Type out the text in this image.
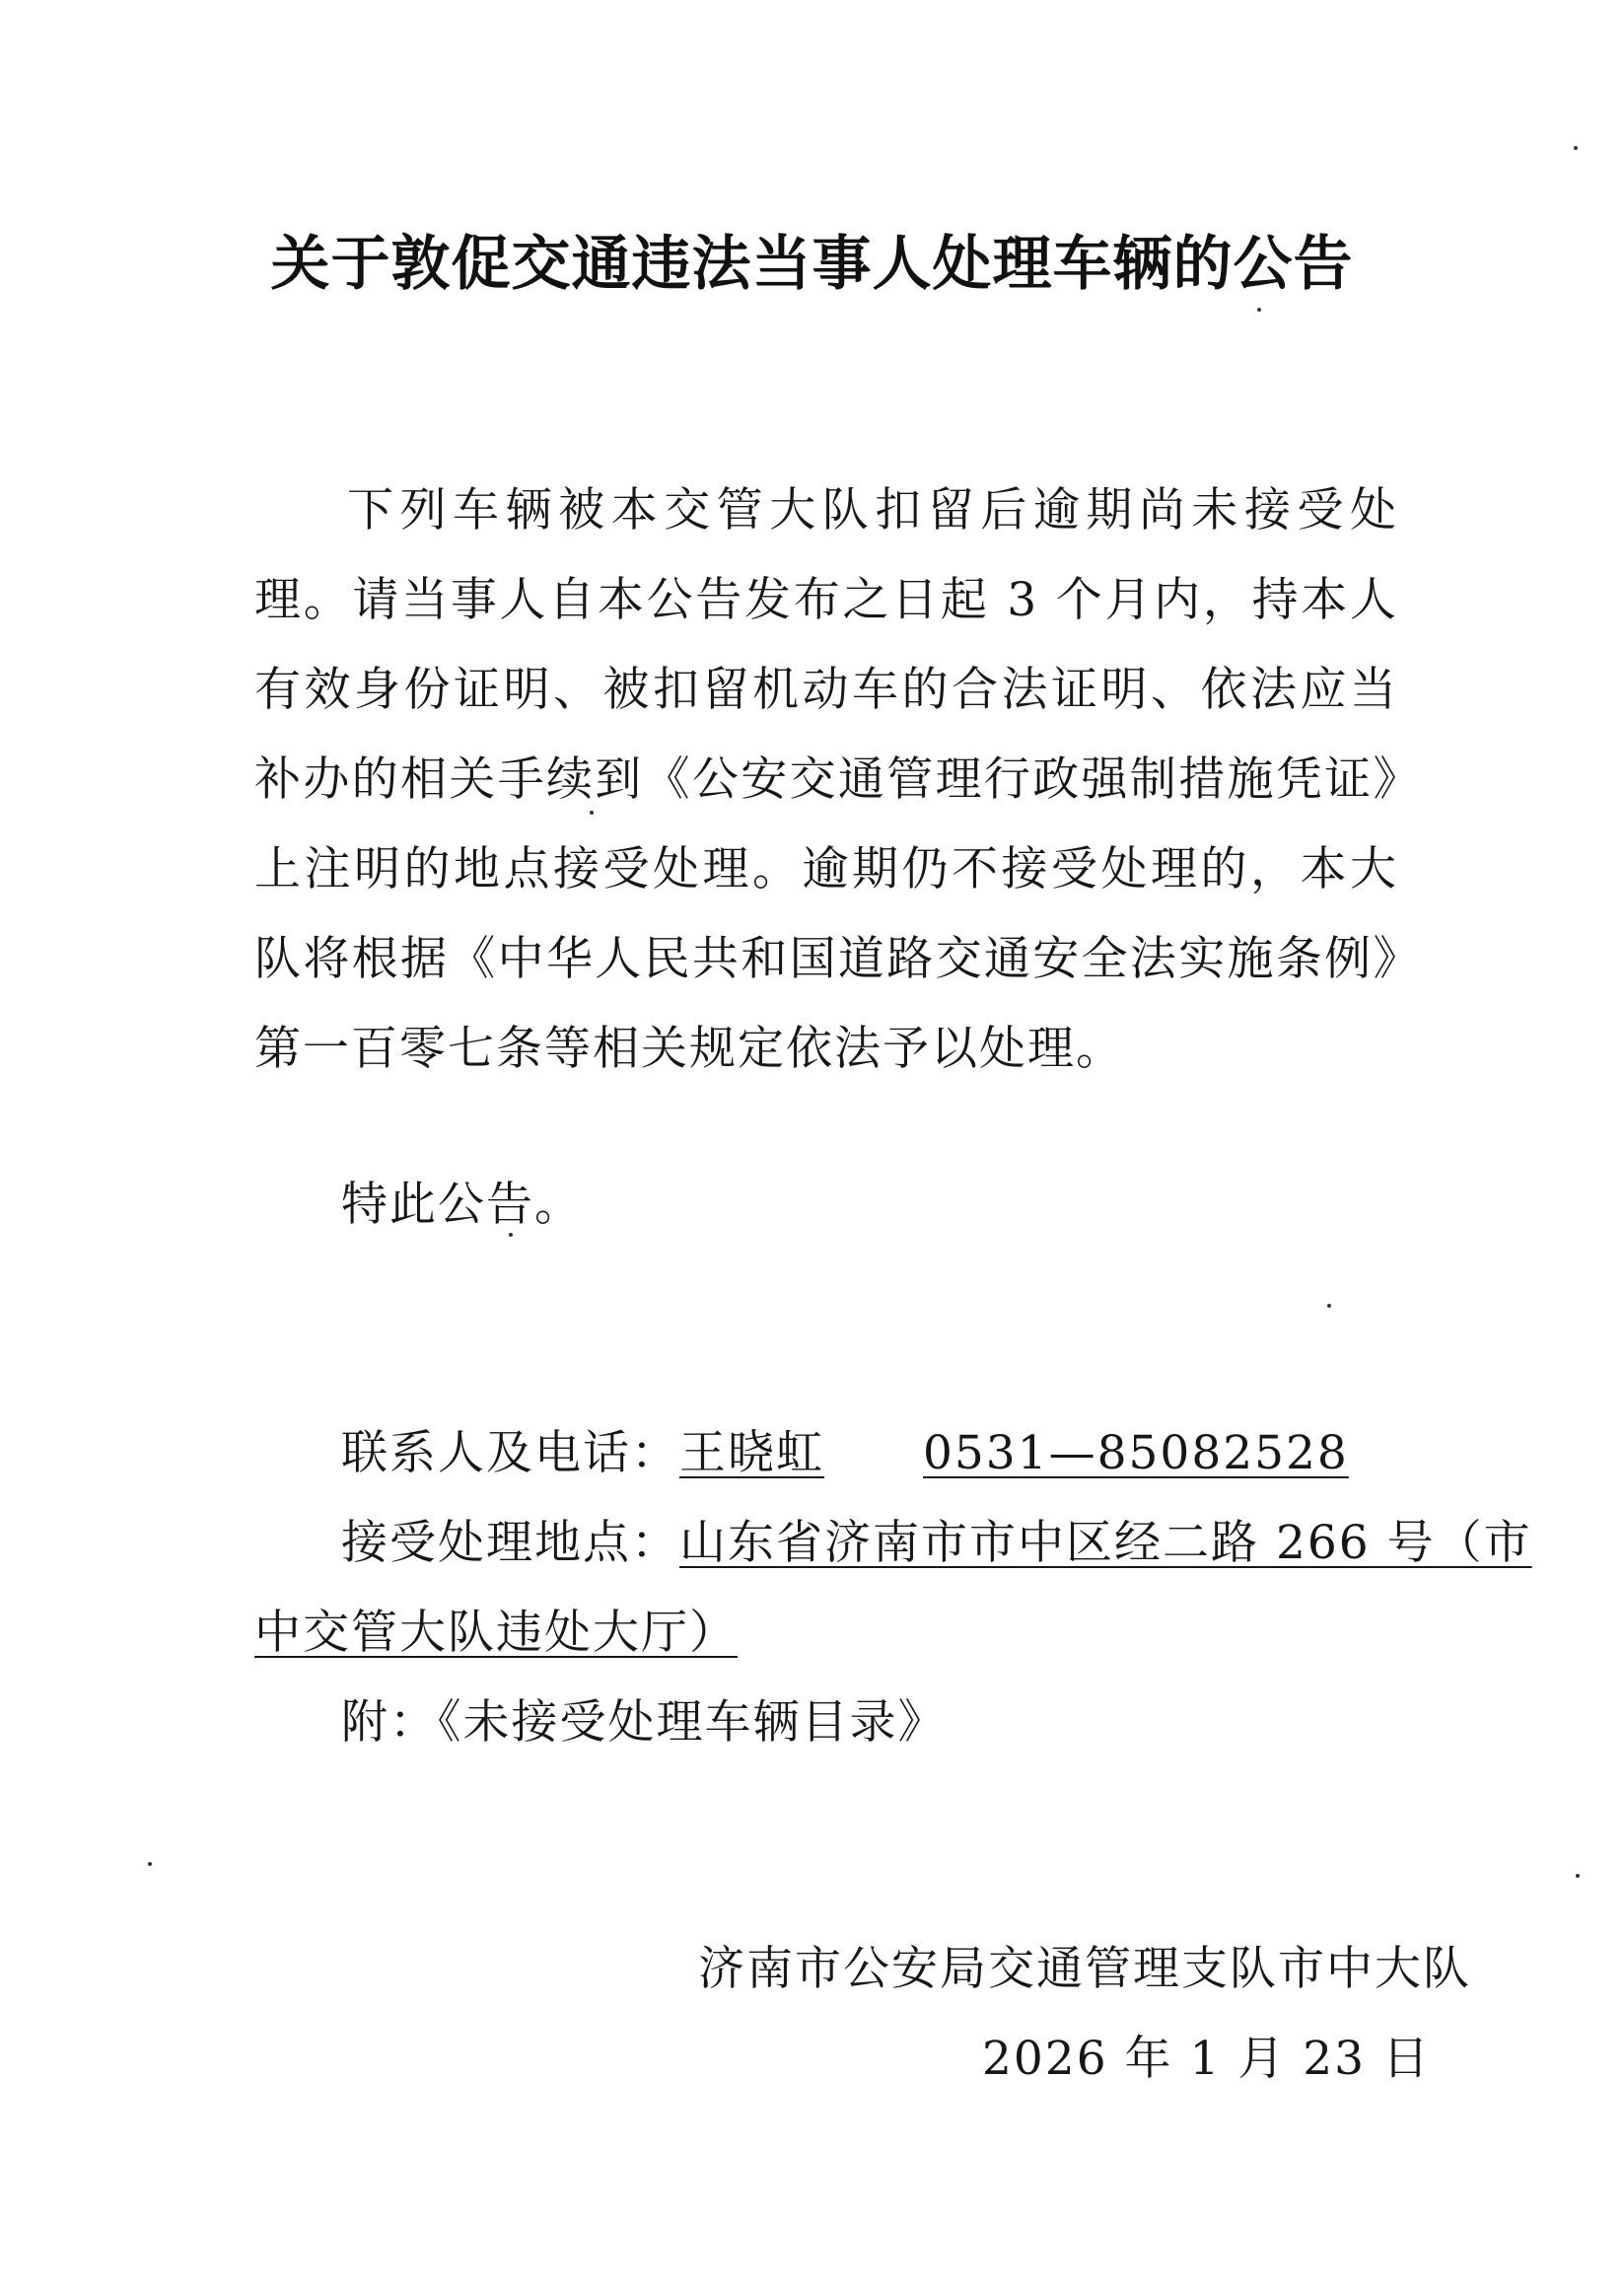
关于敦促交通违法当事人处理车辆的公告

下列车辆被本交管大队扣留后逾期尚未接受处理。请当事人自本公告发布之日起 3 个月内，持本人有效身份证明、被扣留机动车的合法证明、依法应当补办的相关手续到《公安交通管理行政强制措施凭证》上注明的地点接受处理。逾期仍不接受处理的，本大队将根据《中华人民共和国道路交通安全法实施条例》第一百零七条等相关规定依法予以处理。

特此公告。
联系人及电话：王晓虹 0531—85082528
接受处理地点：山东省济南市市中区经二路 266 号（市
中交管大队违处大厅）
附：《未接受处理车辆目录》
济南市公安局交通管理支队市中大队
2026 年 1 月 23 日
